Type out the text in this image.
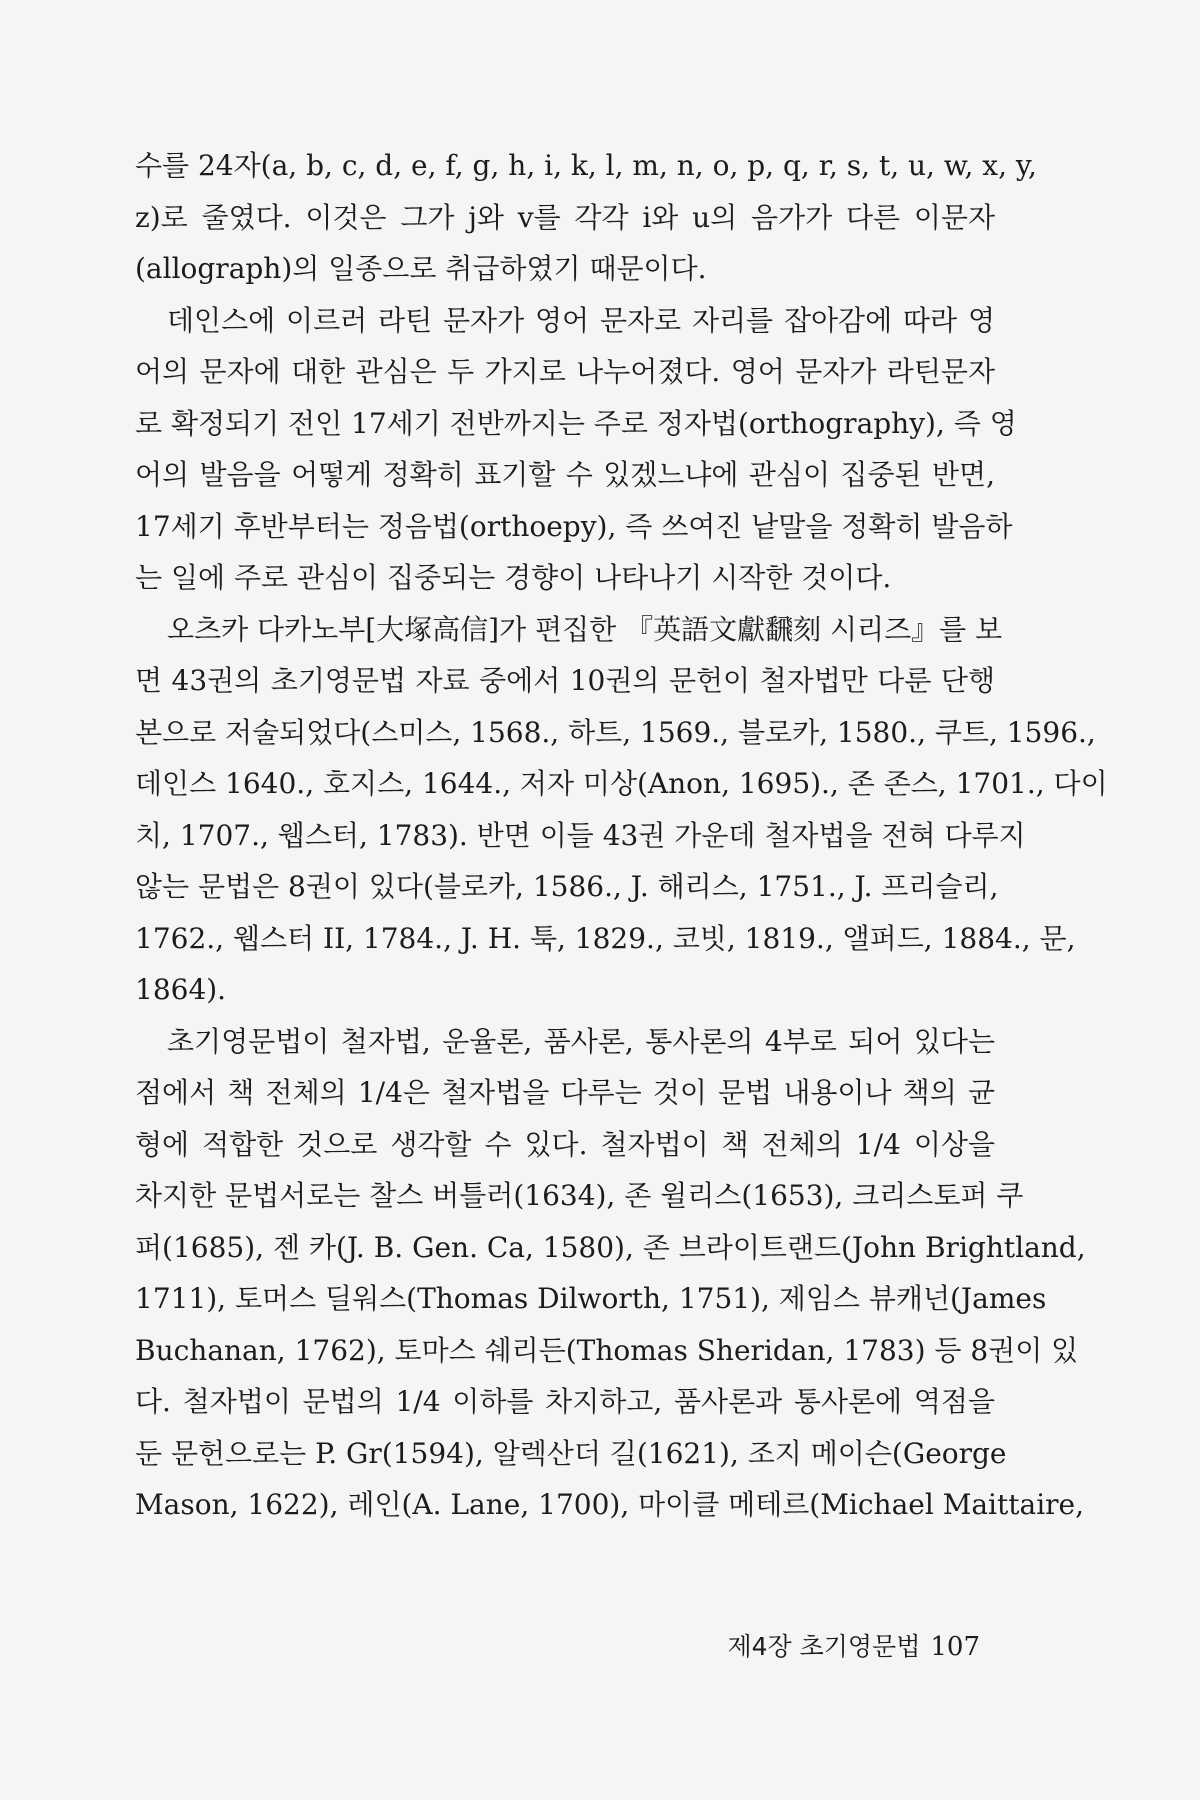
수를 24자(a, b, c, d, e, f, g, h, i, k, l, m, n, o, p, q, r, s, t, u, w, x, y,
z)로 줄였다. 이것은 그가 j와 v를 각각 i와 u의 음가가 다른 이문자
(allograph)의 일종으로 취급하였기 때문이다.
데인스에 이르러 라틴 문자가 영어 문자로 자리를 잡아감에 따라 영
어의 문자에 대한 관심은 두 가지로 나누어졌다. 영어 문자가 라틴문자
로 확정되기 전인 17세기 전반까지는 주로 정자법(orthography), 즉 영
어의 발음을 어떻게 정확히 표기할 수 있겠느냐에 관심이 집중된 반면,
17세기 후반부터는 정음법(orthoepy), 즉 쓰여진 낱말을 정확히 발음하
는 일에 주로 관심이 집중되는 경향이 나타나기 시작한 것이다.
오츠카 다카노부[大塚高信]가 편집한 『英語文獻飜刻 시리즈』를 보
면 43권의 초기영문법 자료 중에서 10권의 문헌이 철자법만 다룬 단행
본으로 저술되었다(스미스, 1568., 하트, 1569., 블로카, 1580., 쿠트, 1596.,
데인스 1640., 호지스, 1644., 저자 미상(Anon, 1695)., 존 존스, 1701., 다이
치, 1707., 웹스터, 1783). 반면 이들 43권 가운데 철자법을 전혀 다루지
않는 문법은 8권이 있다(블로카, 1586., J. 해리스, 1751., J. 프리슬리,
1762., 웹스터 II, 1784., J. H. 툭, 1829., 코빗, 1819., 앨퍼드, 1884., 문,
1864).
초기영문법이 철자법, 운율론, 품사론, 통사론의 4부로 되어 있다는
점에서 책 전체의 1/4은 철자법을 다루는 것이 문법 내용이나 책의 균
형에 적합한 것으로 생각할 수 있다. 철자법이 책 전체의 1/4 이상을
차지한 문법서로는 찰스 버틀러(1634), 존 윌리스(1653), 크리스토퍼 쿠
퍼(1685), 젠 카(J. B. Gen. Ca, 1580), 존 브라이트랜드(John Brightland,
1711), 토머스 딜워스(Thomas Dilworth, 1751), 제임스 뷰캐넌(James
Buchanan, 1762), 토마스 쉐리든(Thomas Sheridan, 1783) 등 8권이 있
다. 철자법이 문법의 1/4 이하를 차지하고, 품사론과 통사론에 역점을
둔 문헌으로는 P. Gr(1594), 알렉산더 길(1621), 조지 메이슨(George
Mason, 1622), 레인(A. Lane, 1700), 마이클 메테르(Michael Maittaire,
제4장 초기영문법 107
